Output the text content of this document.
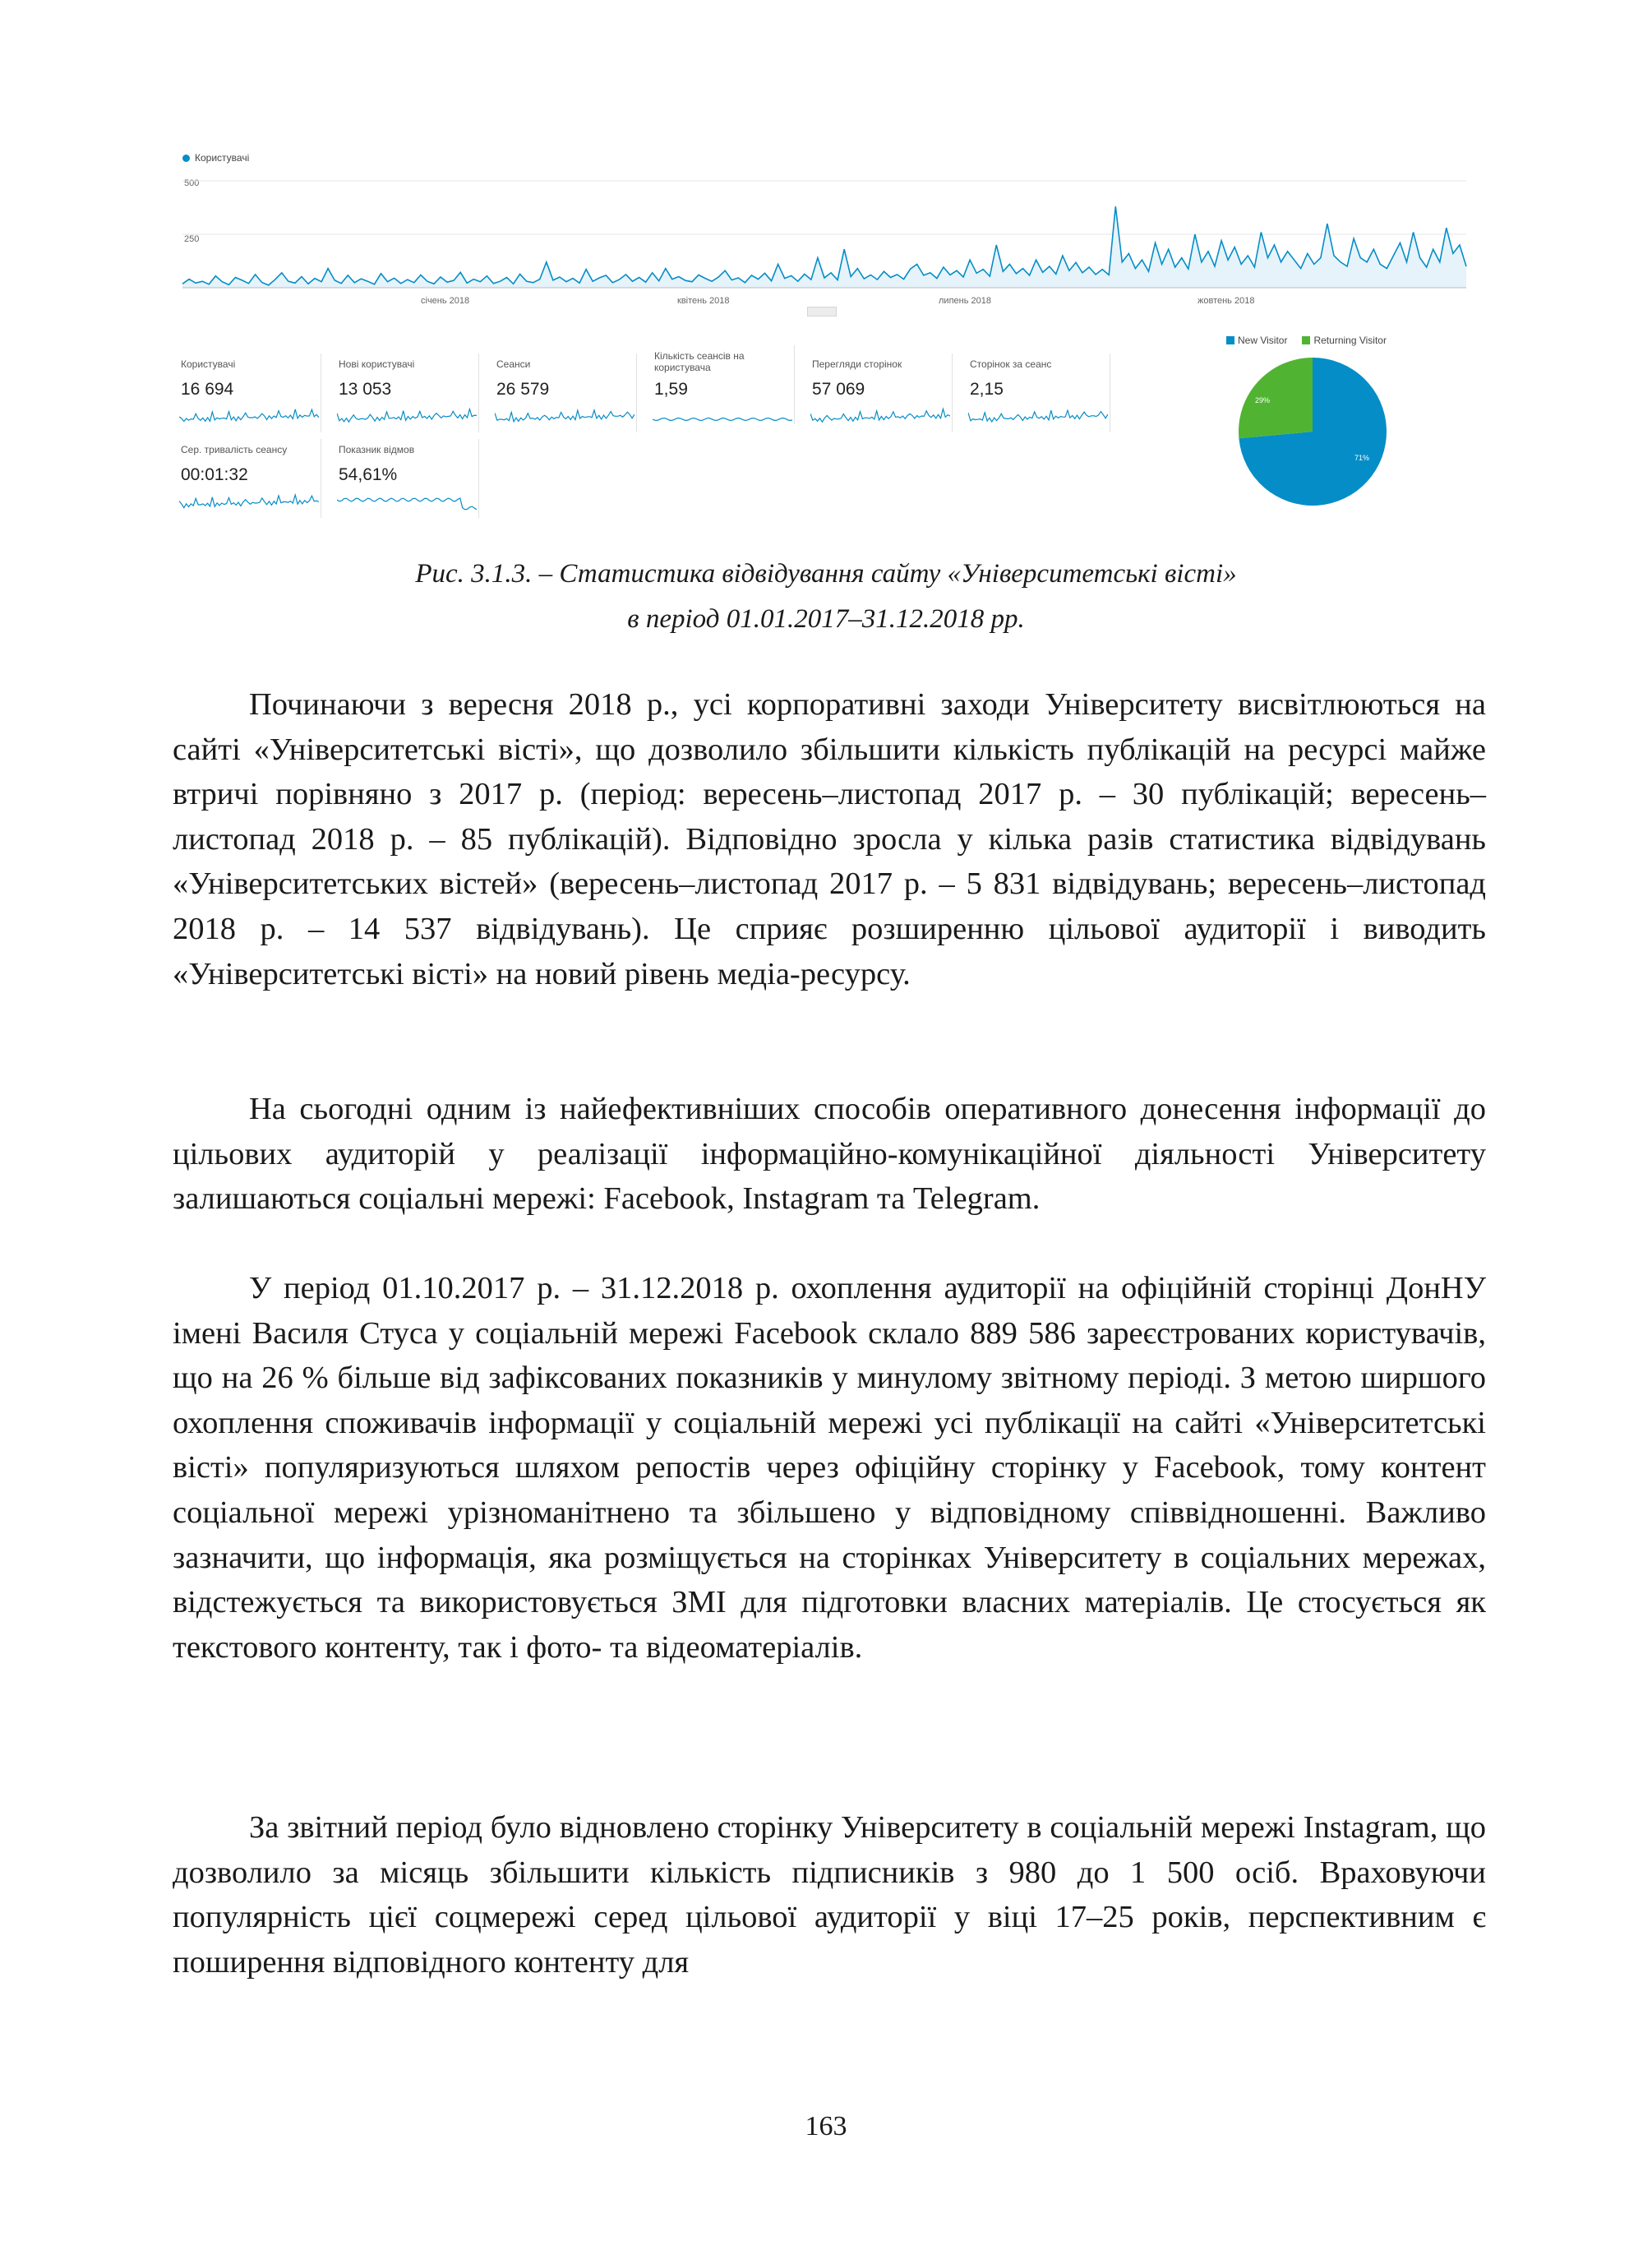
Користувачі
500
250
січень 2018	квітень 2018	липень 2018	жовтень 2018
Користувачі
16 694
Нові користувачі
13 053
Сеанси
26 579
Кількість сеансів на користувача
1,59
Перегляди сторінок
57 069
Сторінок за сеанс
2,15
Сер. тривалість сеансу
00:01:32
Показник відмов
54,61%
New Visitor	Returning Visitor
71%
29%
Рис. 3.1.3. – Статистика відвідування сайту «Університетські вісті»
в період 01.01.2017–31.12.2018 рр.
Починаючи з вересня 2018 р., усі корпоративні заходи Університету висвітлюються на сайті «Університетські вісті», що дозволило збільшити кількість публікацій на ресурсі майже втричі порівняно з 2017 р. (період: вересень–листопад 2017 р. – 30 публікацій; вересень–листопад 2018 р. – 85 публікацій). Відповідно зросла у кілька разів статистика відвідувань «Університетських вістей» (вересень–листопад 2017 р. – 5 831 відвідувань; вересень–листопад 2018 р. – 14 537 відвідувань). Це сприяє розширенню цільової аудиторії і виводить «Університетські вісті» на новий рівень медіа-ресурсу.
На сьогодні одним із найефективніших способів оперативного донесення інформації до цільових аудиторій у реалізації інформаційно-комунікаційної діяльності Університету залишаються соціальні мережі: Facebook, Instagram та Telegram.
У період 01.10.2017 р. – 31.12.2018 р. охоплення аудиторії на офіційній сторінці ДонНУ імені Василя Стуса у соціальній мережі Facebook склало 889 586 зареєстрованих користувачів, що на 26 % більше від зафіксованих показників у минулому звітному періоді. З метою ширшого охоплення споживачів інформації у соціальній мережі усі публікації на сайті «Університетські вісті» популяризуються шляхом репостів через офіційну сторінку у Facebook, тому контент соціальної мережі урізноманітнено та збільшено у відповідному співвідношенні. Важливо зазначити, що інформація, яка розміщується на сторінках Університету в соціальних мережах, відстежується та використовується ЗМІ для підготовки власних матеріалів. Це стосується як текстового контенту, так і фото- та відеоматеріалів.
За звітний період було відновлено сторінку Університету в соціальній мережі Instagram, що дозволило за місяць збільшити кількість підписників з 980 до 1 500 осіб. Враховуючи популярність цієї соцмережі серед цільової аудиторії у віці 17–25 років, перспективним є поширення відповідного контенту для
163
